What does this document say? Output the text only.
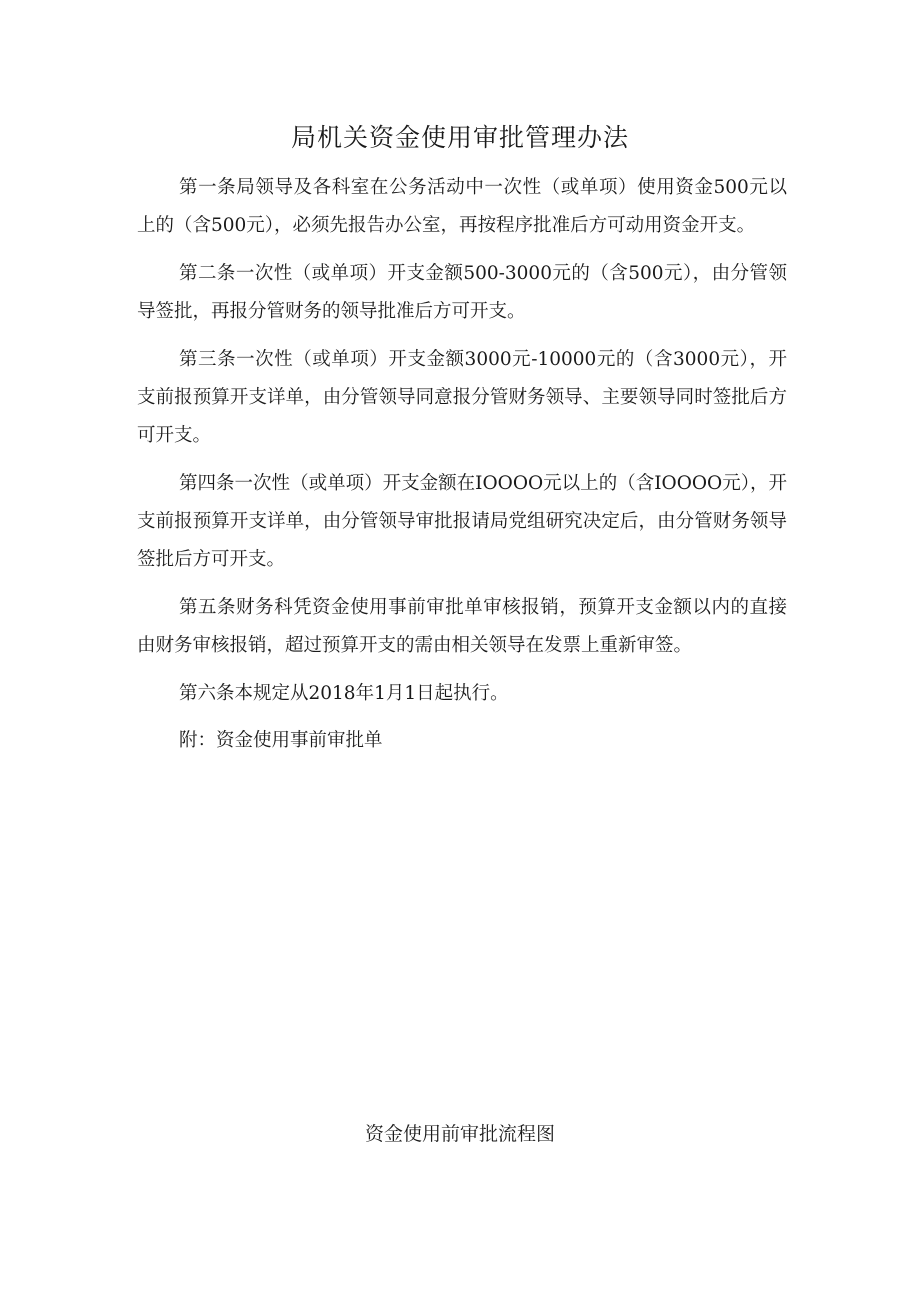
局机关资金使用审批管理办法

第一条局领导及各科室在公务活动中一次性（或单项）使用资金500元以上的（含500元），必须先报告办公室，再按程序批准后方可动用资金开支。

第二条一次性（或单项）开支金额500-3000元的（含500元），由分管领导签批，再报分管财务的领导批准后方可开支。

第三条一次性（或单项）开支金额3000元-10000元的（含3000元），开支前报预算开支详单，由分管领导同意报分管财务领导、主要领导同时签批后方可开支。

第四条一次性（或单项）开支金额在IOOOO元以上的（含IOOOO元），开支前报预算开支详单，由分管领导审批报请局党组研究决定后，由分管财务领导签批后方可开支。

第五条财务科凭资金使用事前审批单审核报销，预算开支金额以内的直接由财务审核报销，超过预算开支的需由相关领导在发票上重新审签。

第六条本规定从2018年1月1日起执行。

附：资金使用事前审批单

资金使用前审批流程图
